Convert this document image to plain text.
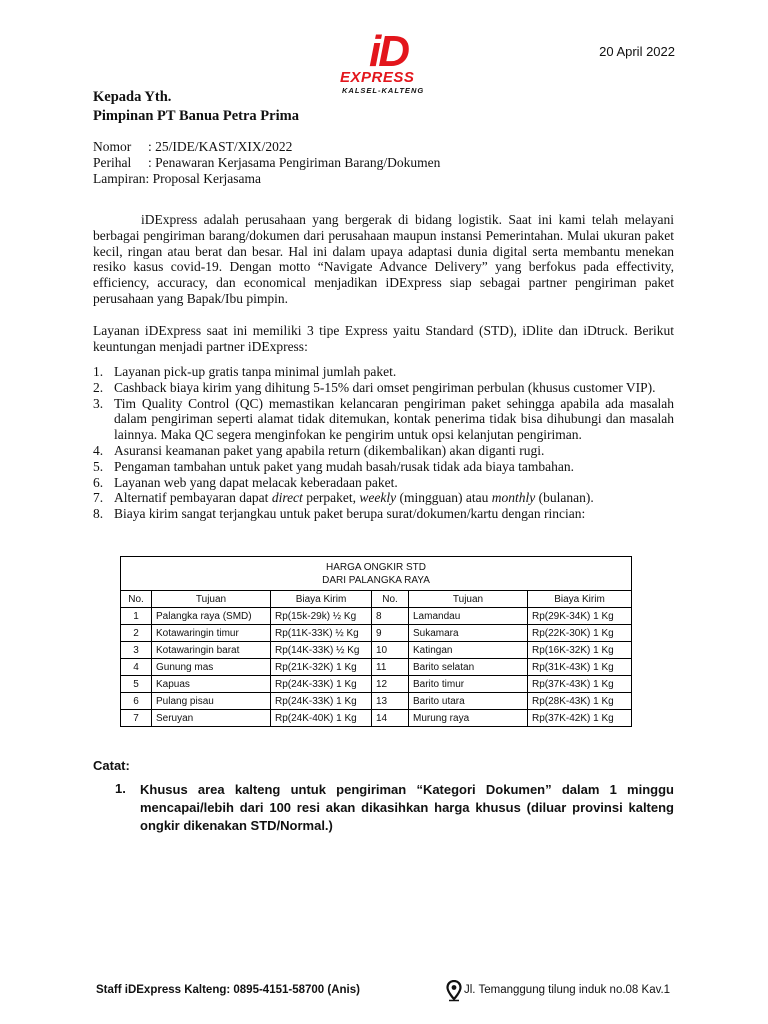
iD
EXPRESS
KALSEL-KALTENG
20 April 2022
Kepada Yth.
Pimpinan PT Banua Petra Prima
Nomor : 25/IDE/KAST/XIX/2022
Perihal : Penawaran Kerjasama Pengiriman Barang/Dokumen
Lampiran: Proposal Kerjasama
iDExpress adalah perusahaan yang bergerak di bidang logistik. Saat ini kami telah melayani berbagai pengiriman barang/dokumen dari perusahaan maupun instansi Pemerintahan. Mulai ukuran paket kecil, ringan atau berat dan besar. Hal ini dalam upaya adaptasi dunia digital serta membantu menekan resiko kasus covid-19. Dengan motto “Navigate Advance Delivery” yang berfokus pada effectivity, efficiency, accuracy, dan economical menjadikan iDExpress siap sebagai partner pengiriman paket perusahaan yang Bapak/Ibu pimpin.
Layanan iDExpress saat ini memiliki 3 tipe Express yaitu Standard (STD), iDlite dan iDtruck. Berikut keuntungan menjadi partner iDExpress:
1. Layanan pick-up gratis tanpa minimal jumlah paket.
2. Cashback biaya kirim yang dihitung 5-15% dari omset pengiriman perbulan (khusus customer VIP).
3. Tim Quality Control (QC) memastikan kelancaran pengiriman paket sehingga apabila ada masalah dalam pengiriman seperti alamat tidak ditemukan, kontak penerima tidak bisa dihubungi dan masalah lainnya. Maka QC segera menginfokan ke pengirim untuk opsi kelanjutan pengiriman.
4. Asuransi keamanan paket yang apabila return (dikembalikan) akan diganti rugi.
5. Pengaman tambahan untuk paket yang mudah basah/rusak tidak ada biaya tambahan.
6. Layanan web yang dapat melacak keberadaan paket.
7. Alternatif pembayaran dapat direct perpaket, weekly (mingguan) atau monthly (bulanan).
8. Biaya kirim sangat terjangkau untuk paket berupa surat/dokumen/kartu dengan rincian:
HARGA ONGKIR STD
DARI PALANGKA RAYA					

No.	Tujuan	Biaya Kirim	No.	Tujuan	Biaya Kirim
1	Palangka raya (SMD)	Rp(15k-29k) ½ Kg	8	Lamandau	Rp(29K-34K) 1 Kg
2	Kotawaringin timur	Rp(11K-33K) ½ Kg	9	Sukamara	Rp(22K-30K) 1 Kg
3	Kotawaringin barat	Rp(14K-33K) ½ Kg	10	Katingan	Rp(16K-32K) 1 Kg
4	Gunung mas	Rp(21K-32K) 1 Kg	11	Barito selatan	Rp(31K-43K) 1 Kg
5	Kapuas	Rp(24K-33K) 1 Kg	12	Barito timur	Rp(37K-43K) 1 Kg
6	Pulang pisau	Rp(24K-33K) 1 Kg	13	Barito utara	Rp(28K-43K) 1 Kg
7	Seruyan	Rp(24K-40K) 1 Kg	14	Murung raya	Rp(37K-42K) 1 Kg
Catat:
1. Khusus area kalteng untuk pengiriman “Kategori Dokumen” dalam 1 minggu mencapai/lebih dari 100 resi akan dikasihkan harga khusus (diluar provinsi kalteng ongkir dikenakan STD/Normal.)
Staff iDExpress Kalteng: 0895-4151-58700 (Anis)	Jl. Temanggung tilung induk no.08 Kav.1
